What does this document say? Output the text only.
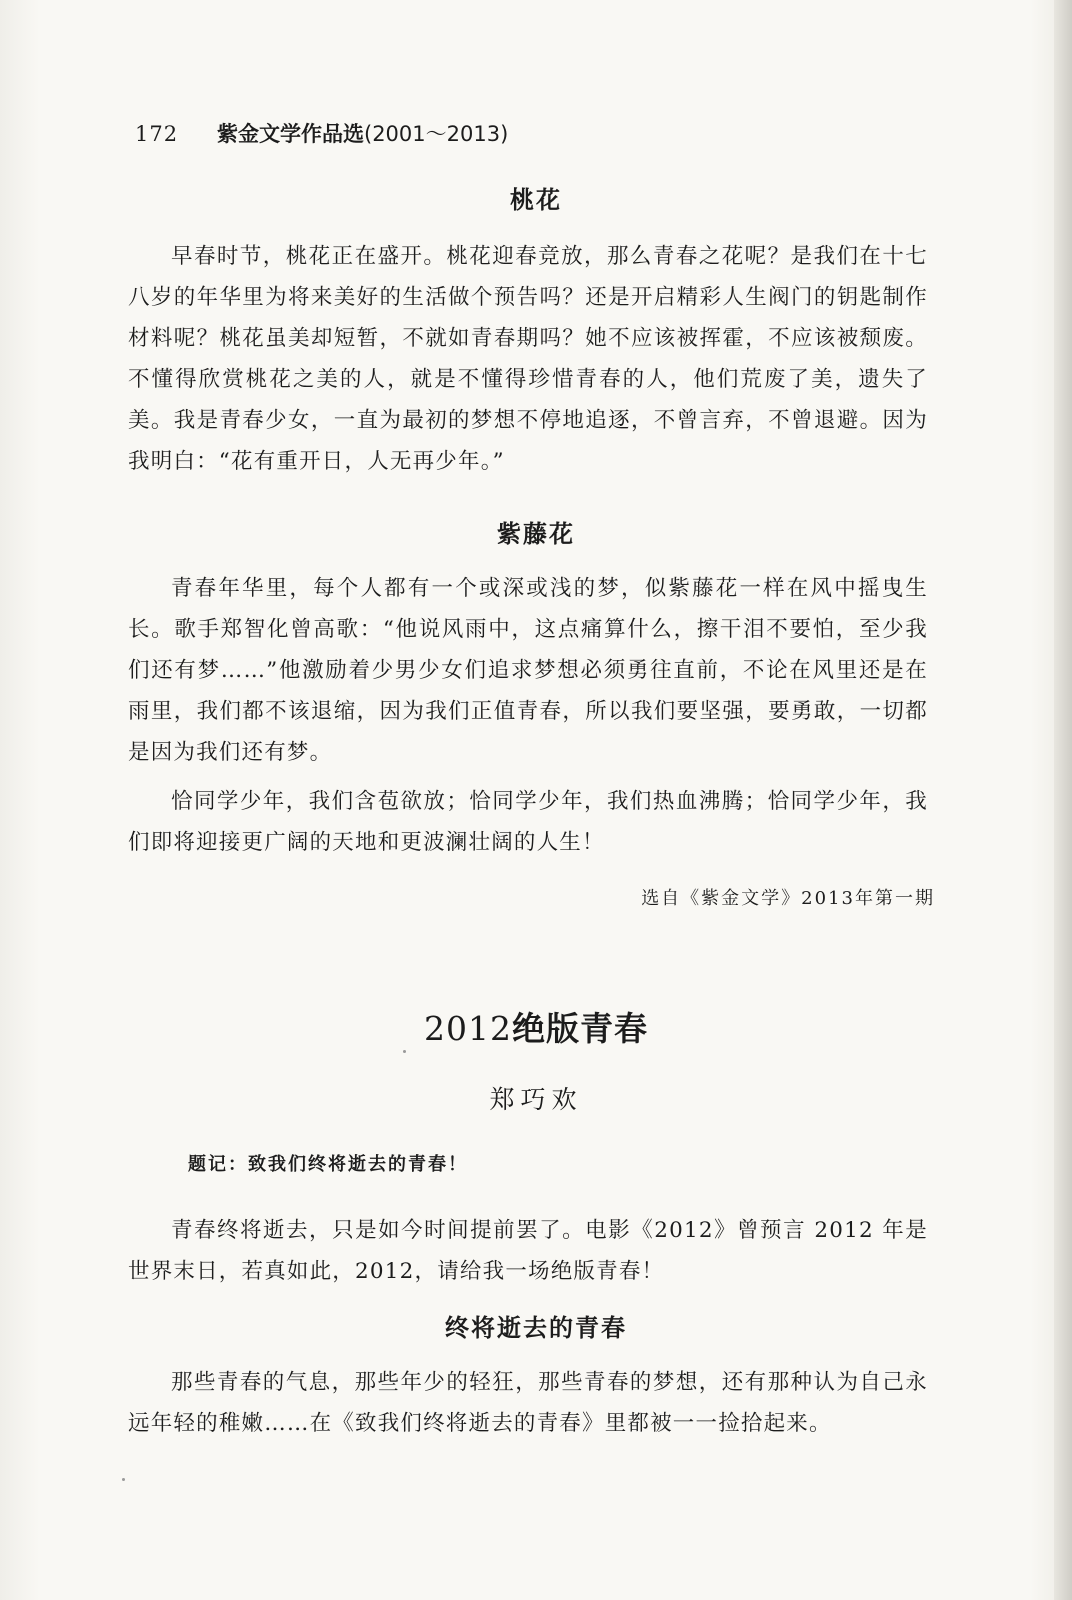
172 紫金文学作品选(2001～2013)
桃花

早春时节，桃花正在盛开。桃花迎春竞放，那么青春之花呢？是我们在十七八岁的年华里为将来美好的生活做个预告吗？还是开启精彩人生阀门的钥匙制作材料呢？桃花虽美却短暂，不就如青春期吗？她不应该被挥霍，不应该被颓废。不懂得欣赏桃花之美的人，就是不懂得珍惜青春的人，他们荒废了美，遗失了美。我是青春少女，一直为最初的梦想不停地追逐，不曾言弃，不曾退避。因为我明白：“花有重开日，人无再少年。”

紫藤花

青春年华里，每个人都有一个或深或浅的梦，似紫藤花一样在风中摇曳生长。歌手郑智化曾高歌：“他说风雨中，这点痛算什么，擦干泪不要怕，至少我们还有梦……”他激励着少男少女们追求梦想必须勇往直前，不论在风里还是在雨里，我们都不该退缩，因为我们正值青春，所以我们要坚强，要勇敢，一切都是因为我们还有梦。

恰同学少年，我们含苞欲放；恰同学少年，我们热血沸腾；恰同学少年，我们即将迎接更广阔的天地和更波澜壮阔的人生！

选自《紫金文学》2013年第一期
2012绝版青春
郑巧欢
题记：致我们终将逝去的青春！

青春终将逝去，只是如今时间提前罢了。电影《2012》曾预言 2012 年是世界末日，若真如此，2012，请给我一场绝版青春！

终将逝去的青春

那些青春的气息，那些年少的轻狂，那些青春的梦想，还有那种认为自己永远年轻的稚嫩……在《致我们终将逝去的青春》里都被一一捡拾起来。
